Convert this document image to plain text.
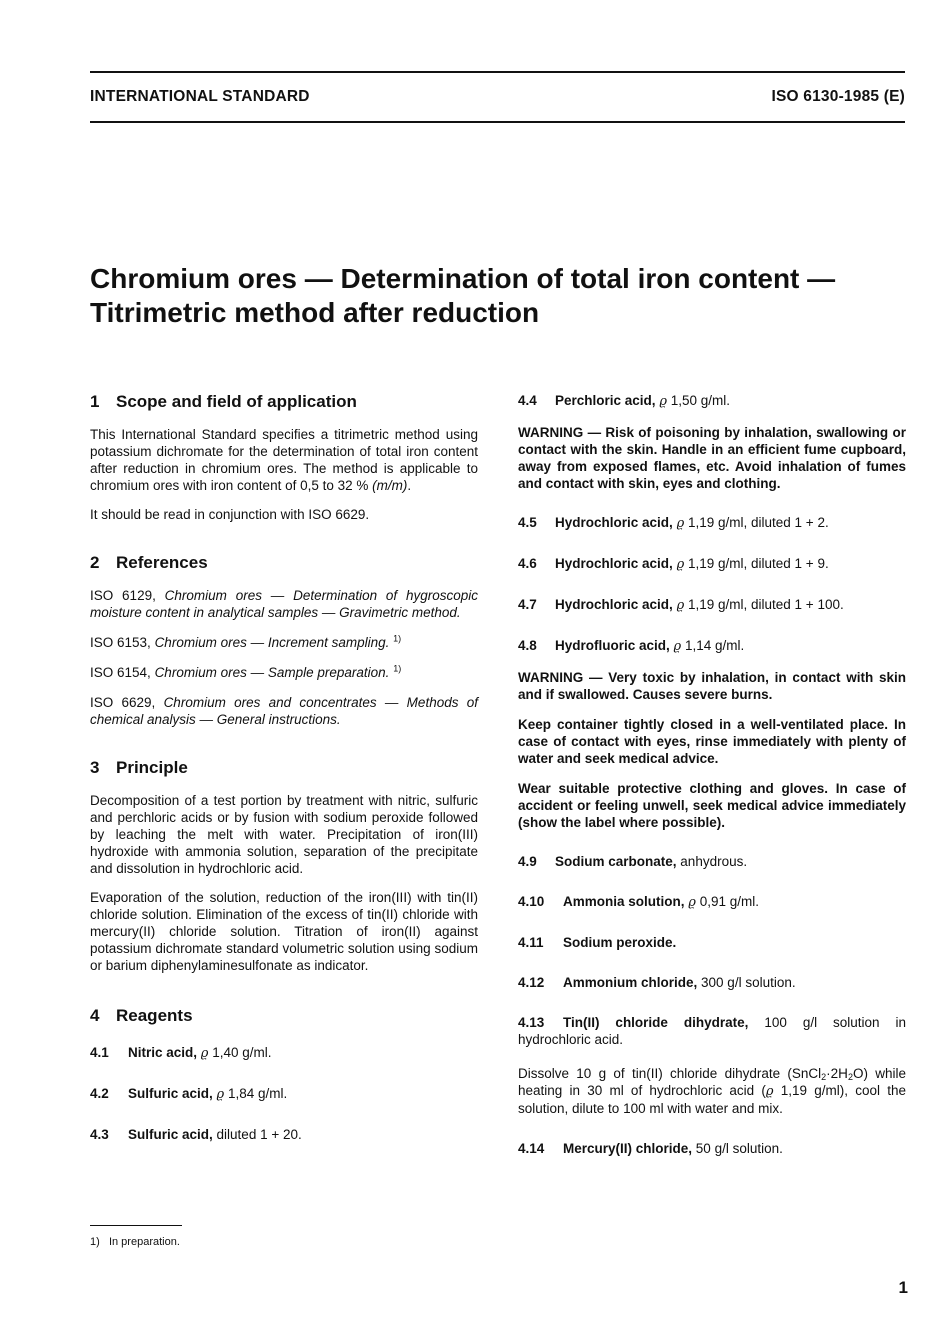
INTERNATIONAL STANDARD	ISO 6130-1985 (E)
Chromium ores — Determination of total iron content —
Titrimetric method after reduction
1 Scope and field of application

This International Standard specifies a titrimetric method using potassium dichromate for the determination of total iron content after reduction in chromium ores. The method is applicable to chromium ores with iron content of 0,5 to 32 % (m/m).

It should be read in conjunction with ISO 6629.

2 References

ISO 6129, Chromium ores — Determination of hygroscopic moisture content in analytical samples — Gravimetric method.

ISO 6153, Chromium ores — Increment sampling. $^{1)}$

ISO 6154, Chromium ores — Sample preparation. $^{1)}$

ISO 6629, Chromium ores and concentrates — Methods of chemical analysis — General instructions.

3 Principle

Decomposition of a test portion by treatment with nitric, sulfuric and perchloric acids or by fusion with sodium peroxide followed by leaching the melt with water. Precipitation of iron(III) hydroxide with ammonia solution, separation of the precipitate and dissolution in hydrochloric acid.

Evaporation of the solution, reduction of the iron(III) with tin(II) chloride solution. Elimination of the excess of tin(II) chloride with mercury(II) chloride solution. Titration of iron(II) against potassium dichromate standard volumetric solution using sodium or barium diphenylaminesulfonate as indicator.

4 Reagents
4.1 Nitric acid, ϱ 1,40 g/ml.
4.2 Sulfuric acid, ϱ 1,84 g/ml.
4.3 Sulfuric acid, diluted 1 + 20.
4.4 Perchloric acid, ϱ 1,50 g/ml.

WARNING — Risk of poisoning by inhalation, swallowing or contact with the skin. Handle in an efficient fume cupboard, away from exposed flames, etc. Avoid inhalation of fumes and contact with skin, eyes and clothing.

4.5 Hydrochloric acid, ϱ 1,19 g/ml, diluted 1 + 2.
4.6 Hydrochloric acid, ϱ 1,19 g/ml, diluted 1 + 9.
4.7 Hydrochloric acid, ϱ 1,19 g/ml, diluted 1 + 100.
4.8 Hydrofluoric acid, ϱ 1,14 g/ml.

WARNING — Very toxic by inhalation, in contact with skin and if swallowed. Causes severe burns.

Keep container tightly closed in a well-ventilated place. In case of contact with eyes, rinse immediately with plenty of water and seek medical advice.

Wear suitable protective clothing and gloves. In case of accident or feeling unwell, seek medical advice immediately (show the label where possible).

4.9 Sodium carbonate, anhydrous.
4.10 Ammonia solution, ϱ 0,91 g/ml.
4.11 Sodium peroxide.
4.12 Ammonium chloride, 300 g/l solution.
4.13 Tin(II) chloride dihydrate, 100 g/l solution in hydrochloric acid.

Dissolve 10 g of tin(II) chloride dihydrate $(SnCl_2\cdot 2H_2O)$ while heating in 30 ml of hydrochloric acid (ϱ 1,19 g/ml), cool the solution, dilute to 100 ml with water and mix.

4.14 Mercury(II) chloride, 50 g/l solution.
1) In preparation.
1
